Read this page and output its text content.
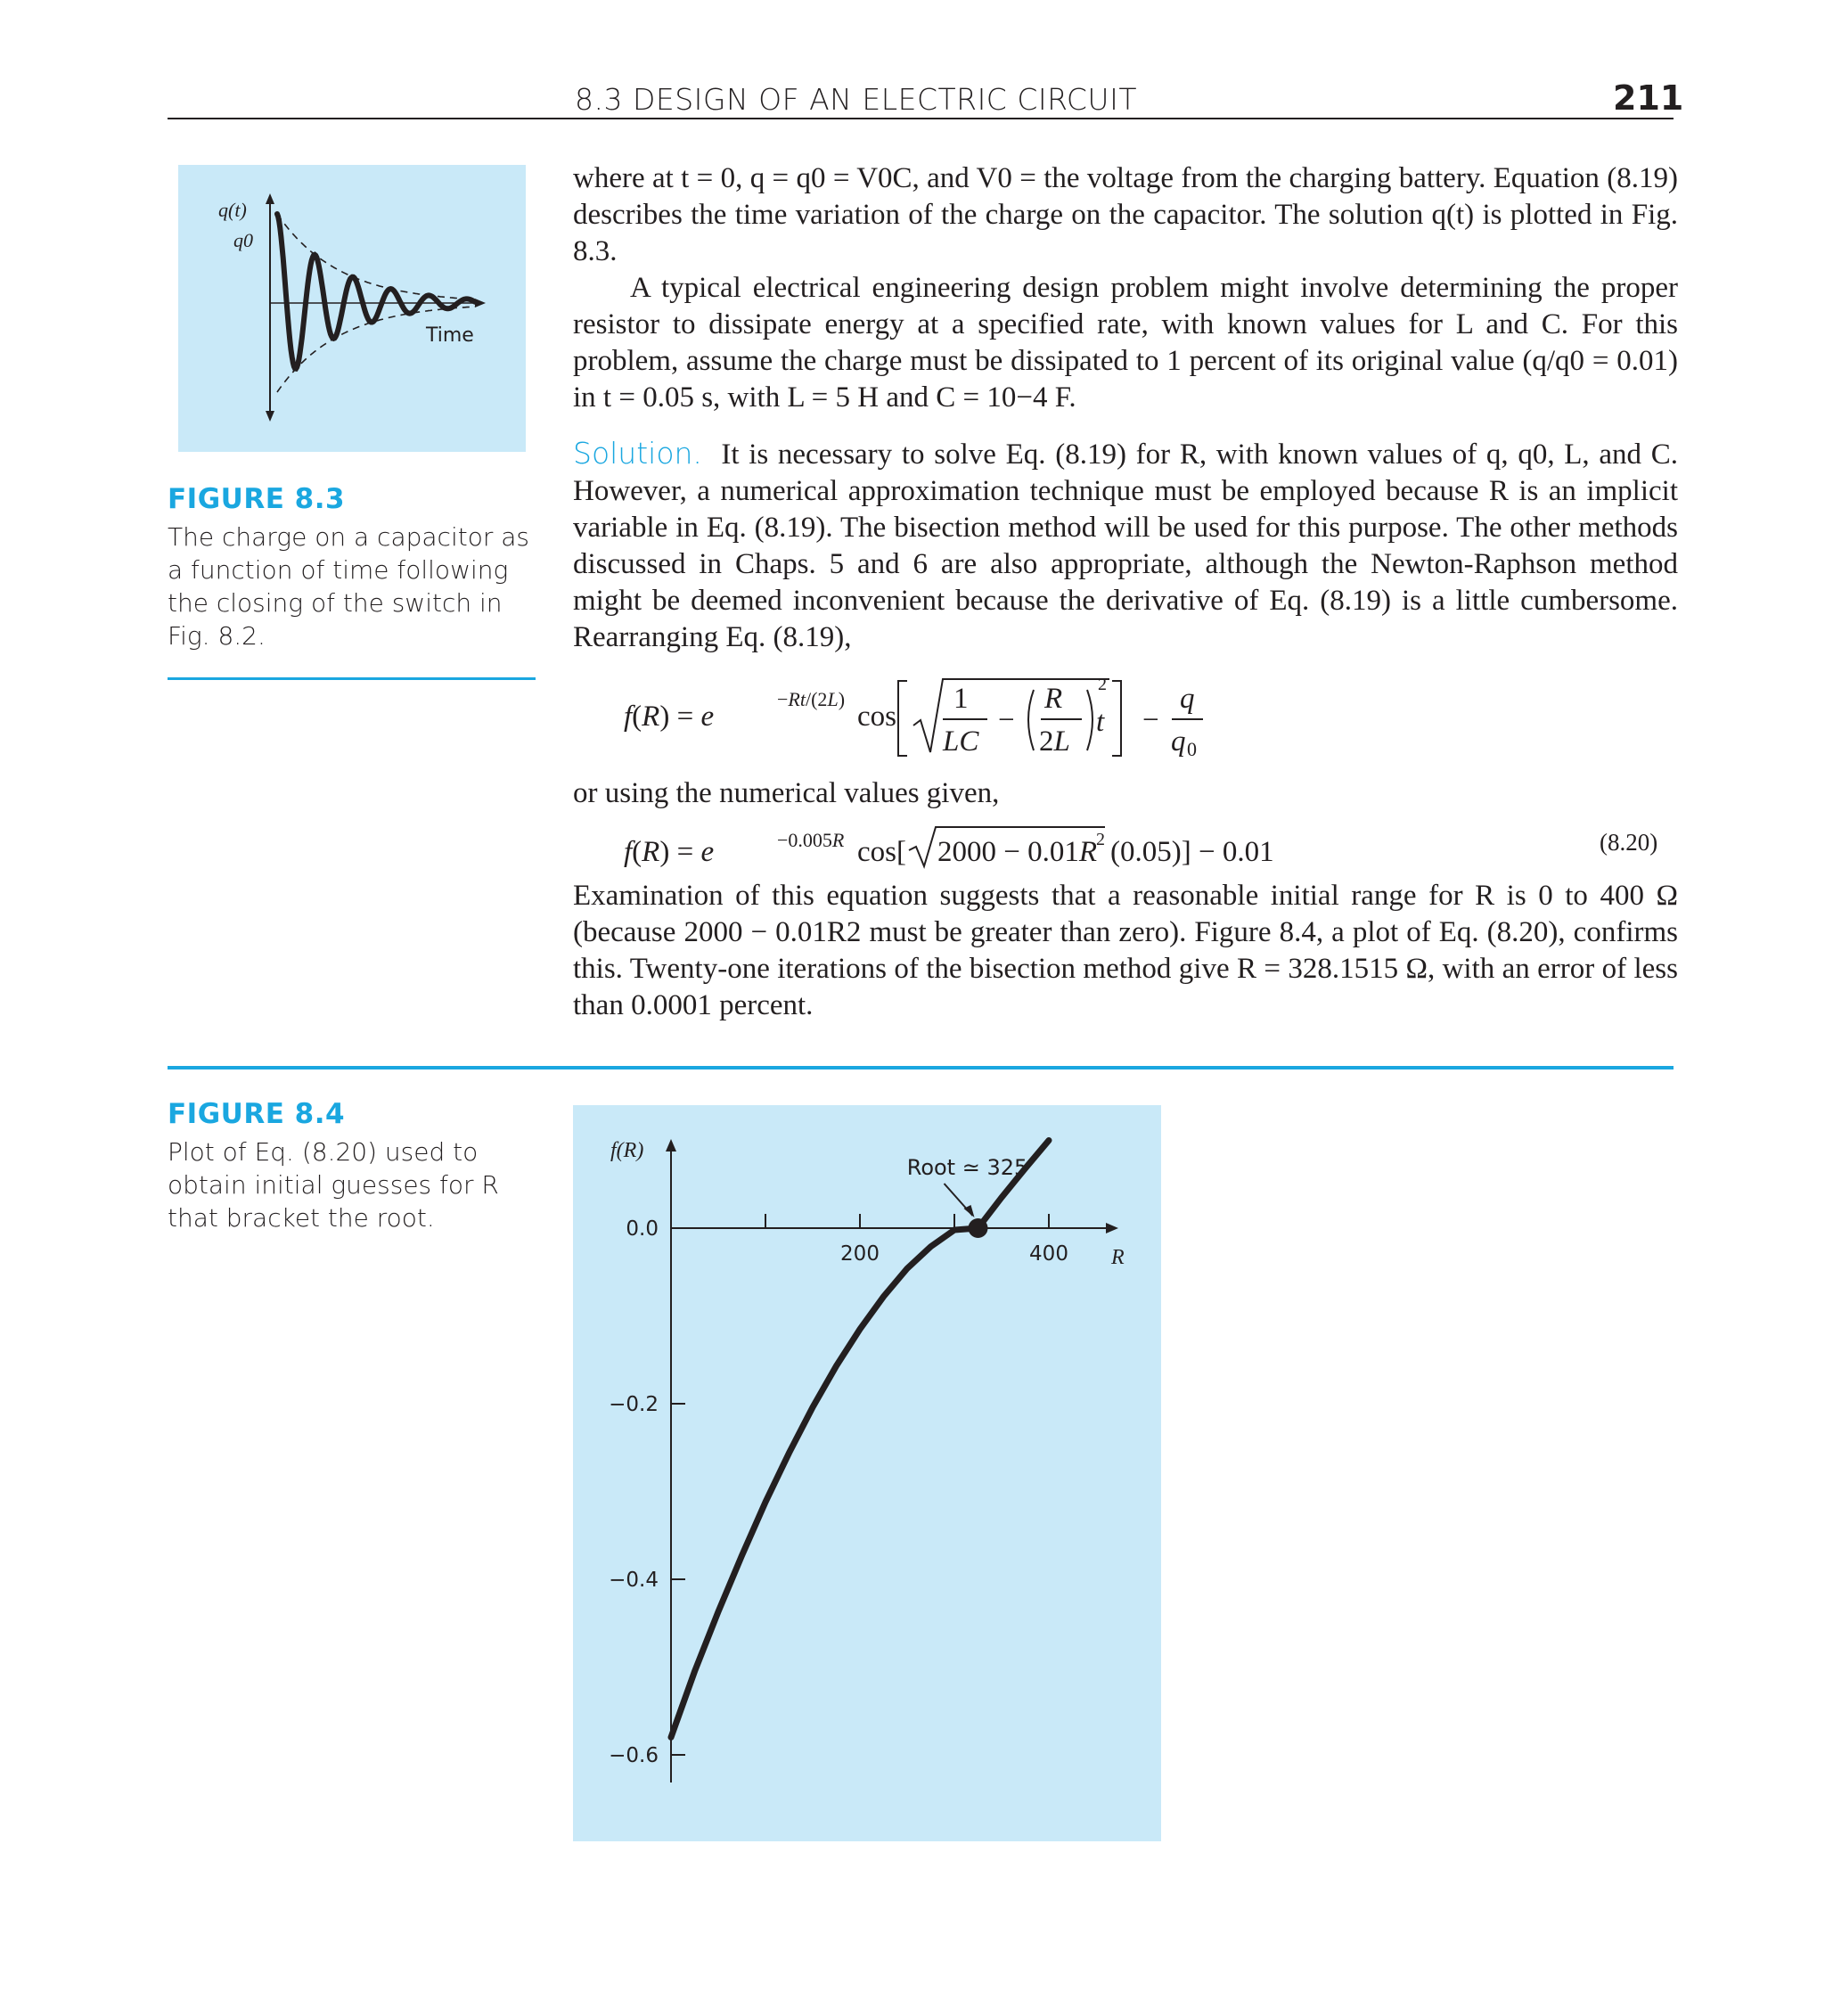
8.3 DESIGN OF AN ELECTRIC CIRCUIT	211
q(t)
q0
Time
FIGURE 8.3
The charge on a capacitor as a function of time following the closing of the switch in Fig. 8.2.

where at t = 0, q = q0 = V0C, and V0 = the voltage from the charging battery. Equation (8.19) describes the time variation of the charge on the capacitor. The solution q(t) is plotted in Fig. 8.3.

A typical electrical engineering design problem might involve determining the proper resistor to dissipate energy at a specified rate, with known values for L and C. For this problem, assume the charge must be dissipated to 1 percent of its original value (q/q0 = 0.01) in t = 0.05 s, with L = 5 H and C = 10−4 F.

Solution. It is necessary to solve Eq. (8.19) for R, with known values of q, q0, L, and C. However, a numerical approximation technique must be employed because R is an implicit variable in Eq. (8.19). The bisection method will be used for this purpose. The other methods discussed in Chaps. 5 and 6 are also appropriate, although the Newton-Raphson method might be deemed inconvenient because the derivative of Eq. (8.19) is a little cumbersome. Rearranging Eq. (8.19),

f(R) = e
−Rt/(2L)
cos
1
LC
−
R
2L
2
t −
q
q 0

or using the numerical values given,

f(R) = e	−0.005R cos[ 2000 − 0.01R
2 (0.05)] − 0.01	(8.20)

Examination of this equation suggests that a reasonable initial range for R is 0 to 400 Ω (because 2000 − 0.01R2 must be greater than zero). Figure 8.4, a plot of Eq. (8.20), confirms this. Twenty-one iterations of the bisection method give R = 328.1515 Ω, with an error of less than 0.0001 percent.

FIGURE 8.4
Plot of Eq. (8.20) used to obtain initial guesses for R that bracket the root.
f(R)
R
200	400
0.0
−0.2
−0.4
−0.6
Root ≃ 325
